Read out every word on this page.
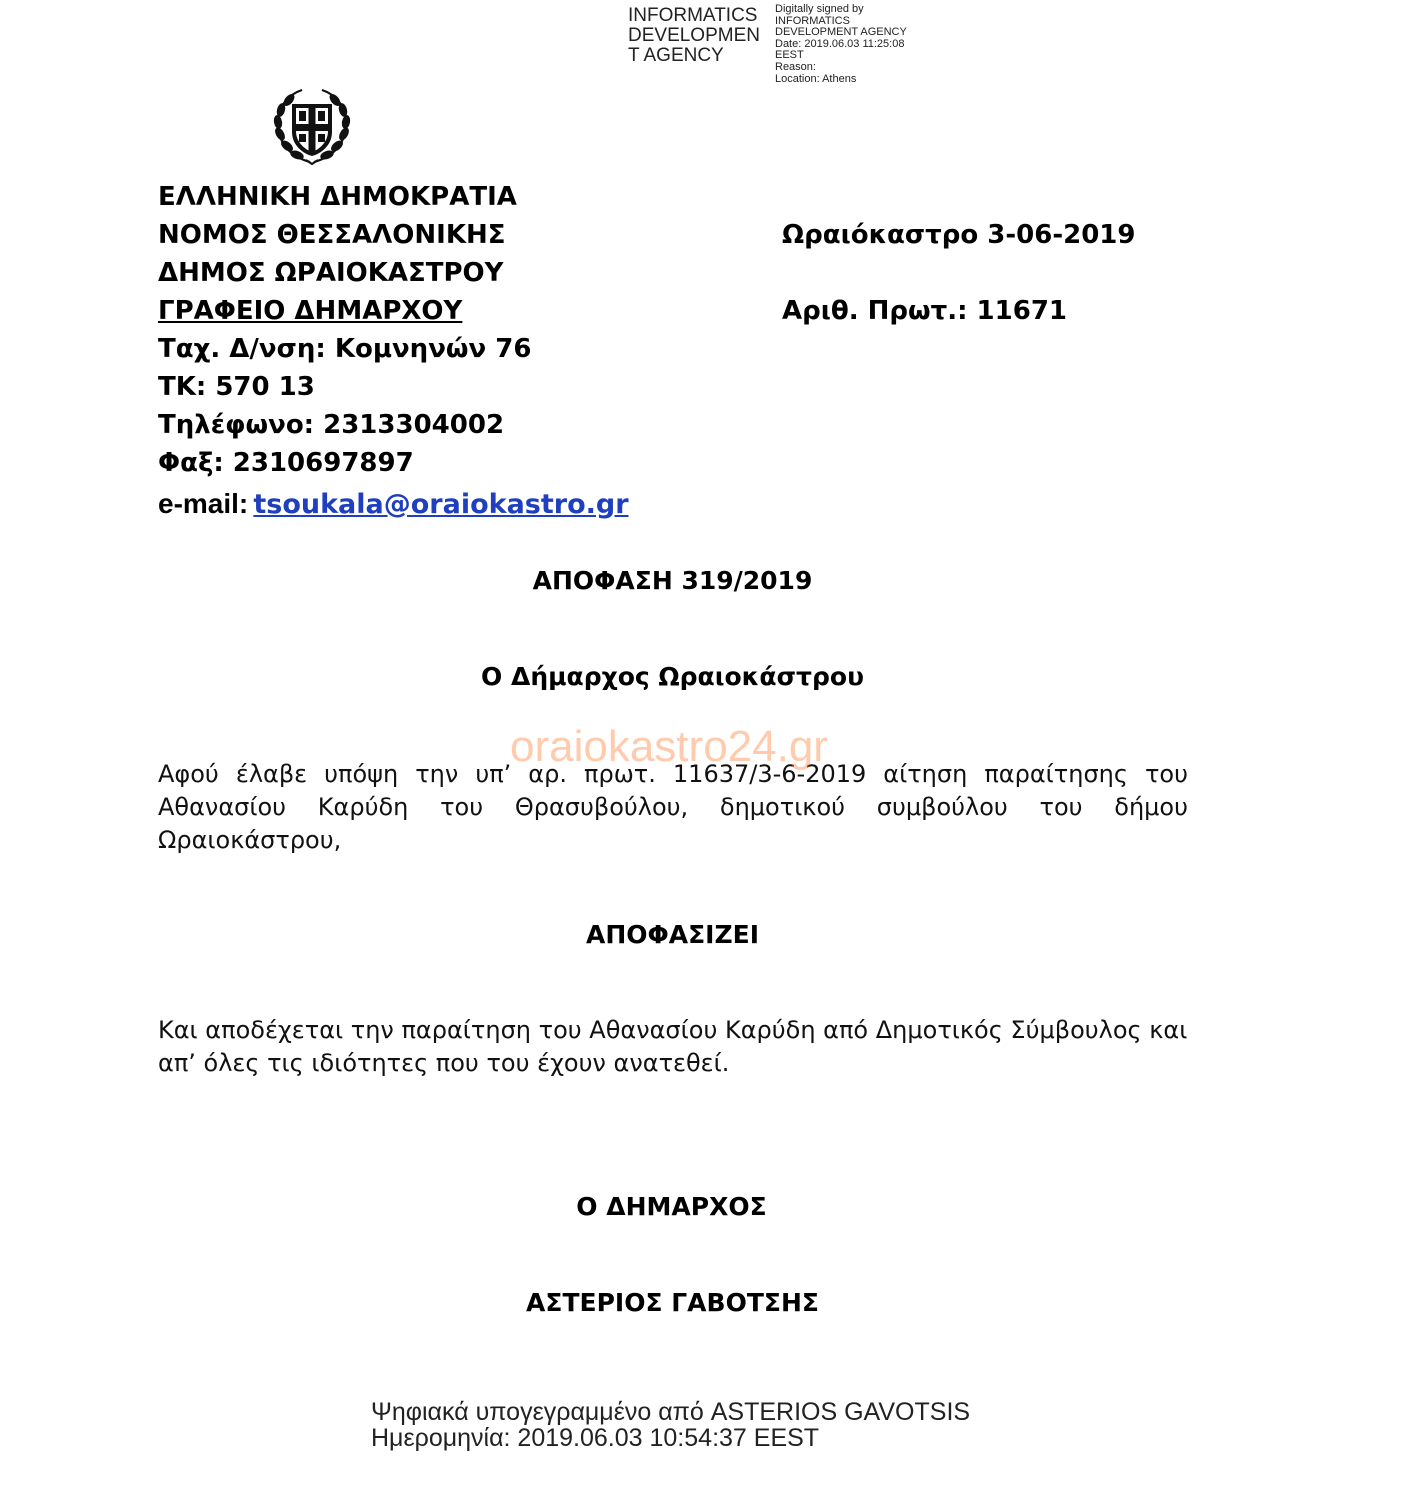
INFORMATICS
DEVELOPMEN
T AGENCY
Digitally signed by
INFORMATICS
DEVELOPMENT AGENCY
Date: 2019.06.03 11:25:08
EEST
Reason:
Location: Athens
ΕΛΛΗΝΙΚΗ ΔΗΜΟΚΡΑΤΙΑ
ΝΟΜΟΣ ΘΕΣΣΑΛΟΝΙΚΗΣ
ΔΗΜΟΣ ΩΡΑΙΟΚΑΣΤΡΟΥ
ΓΡΑΦΕΙΟ ΔΗΜΑΡΧΟΥ
Ταχ. Δ/νση: Κομνηνών 76
ΤΚ: 570 13
Τηλέφωνο: 2313304002
Φαξ: 2310697897
e-mail: tsoukala@oraiokastro.gr
Ωραιόκαστρο 3-06-2019
Αριθ. Πρωτ.: 11671
ΑΠΟΦΑΣΗ 319/2019
Ο Δήμαρχος Ωραιοκάστρου
Αφού έλαβε υπόψη την υπ’ αρ. πρωτ. 11637/3-6-2019 αίτηση παραίτησης του
Αθανασίου Καρύδη του Θρασυβούλου, δημοτικού συμβούλου του δήμου
Ωραιοκάστρου,
oraiokastro24.gr
ΑΠΟΦΑΣΙΖΕΙ
Και αποδέχεται την παραίτηση του Αθανασίου Καρύδη από Δημοτικός Σύμβουλος και
απ’ όλες τις ιδιότητες που του έχουν ανατεθεί.
Ο ΔΗΜΑΡΧΟΣ
ΑΣΤΕΡΙΟΣ ΓΑΒΟΤΣΗΣ
Ψηφιακά υπογεγραμμένο από ASTERIOS GAVOTSIS
Ημερομηνία: 2019.06.03 10:54:37 EEST
